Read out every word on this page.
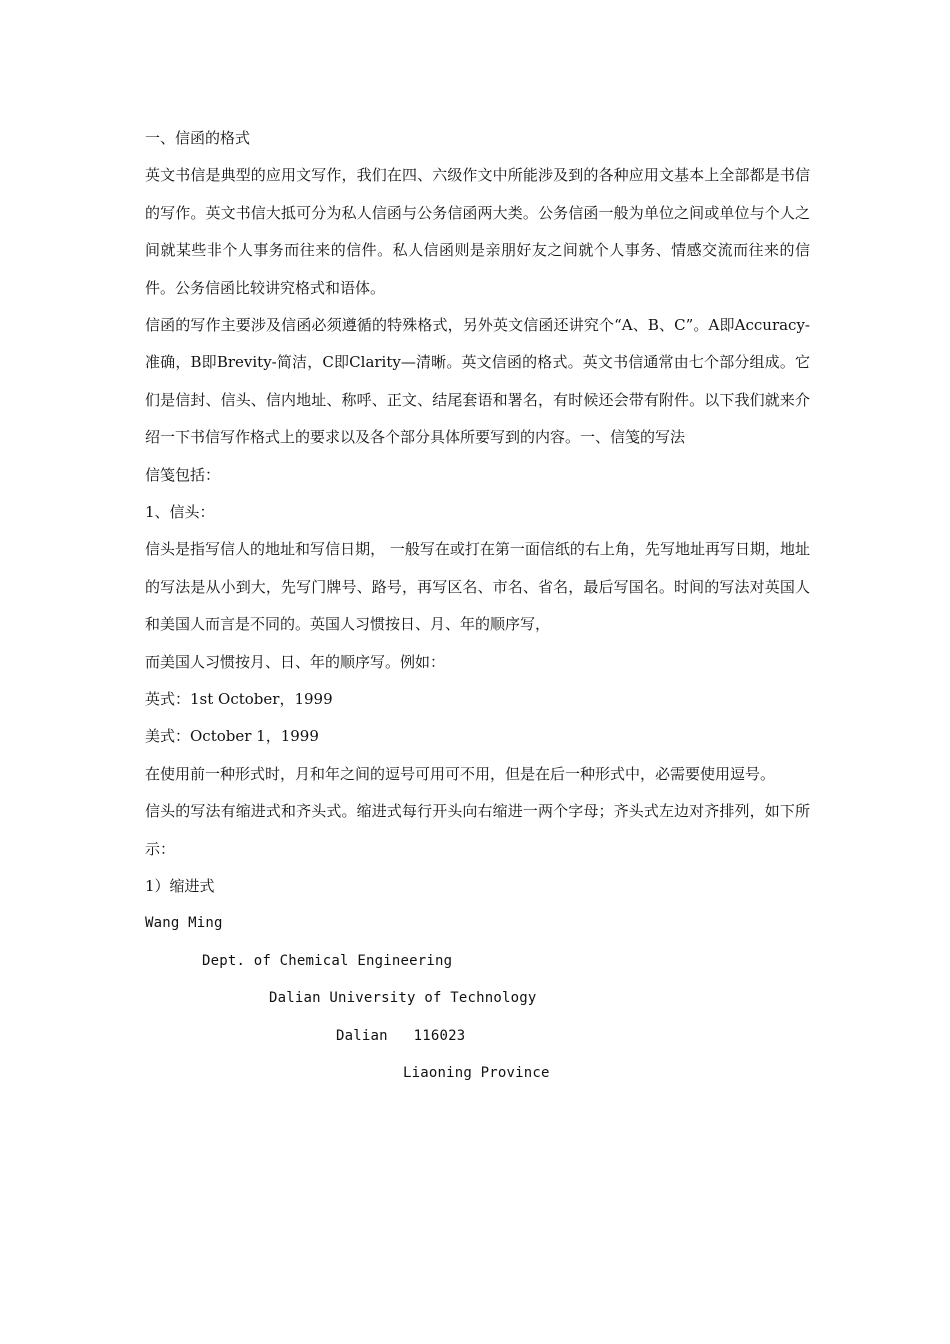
一、信函的格式
英文书信是典型的应用文写作，我们在四、六级作文中所能涉及到的各种应用文基本上全部都是书信的写作。英文书信大抵可分为私人信函与公务信函两大类。公务信函一般为单位之间或单位与个人之间就某些非个人事务而往来的信件。私人信函则是亲朋好友之间就个人事务、情感交流而往来的信件。公务信函比较讲究格式和语体。
信函的写作主要涉及信函必须遵循的特殊格式，另外英文信函还讲究个“A、B、C”。A即Accuracy-准确，B即Brevity-简洁，C即Clarity—清晰。英文信函的格式。英文书信通常由七个部分组成。它们是信封、信头、信内地址、称呼、正文、结尾套语和署名，有时候还会带有附件。以下我们就来介绍一下书信写作格式上的要求以及各个部分具体所要写到的内容。一、信笺的写法
信笺包括：
1、信头：
信头是指写信人的地址和写信日期， 一般写在或打在第一面信纸的右上角，先写地址再写日期，地址的写法是从小到大，先写门牌号、路号，再写区名、市名、省名，最后写国名。时间的写法对英国人和美国人而言是不同的。英国人习惯按日、月、年的顺序写，
而美国人习惯按月、日、年的顺序写。例如：
英式：1st October，1999
美式：October 1，1999
在使用前一种形式时，月和年之间的逗号可用可不用，但是在后一种形式中，必需要使用逗号。
信头的写法有缩进式和齐头式。缩进式每行开头向右缩进一两个字母；齐头式左边对齐排列，如下所示：
1）缩进式
Wang Ming
Dept. of Chemical Engineering
Dalian University of Technology
Dalian   116023
Liaoning Province
